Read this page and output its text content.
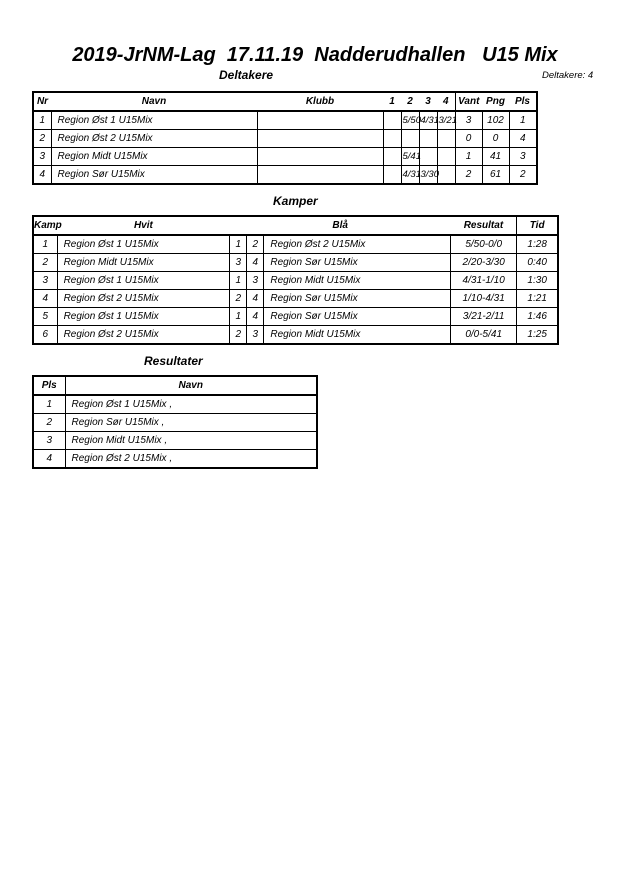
2019-JrNM-Lag  17.11.19  Nadderudhallen   U15 Mix
Deltakere	Deltakere: 4
Nr	Navn	Klubb	1	2	3	4	Vant	Png	Pls
1	Region Øst 1 U15Mix			5/50	4/31	3/21	3	102	1
2	Region Øst 2 U15Mix						0	0	4
3	Region Midt U15Mix			5/41			1	41	3
4	Region Sør U15Mix			4/31	3/30		2	61	2
Kamper
Kamp	Hvit	Blå			Resultat	Tid
1	Region Øst 1 U15Mix	1	2	Region Øst 2 U15Mix	5/50-0/0	1:28
2	Region Midt U15Mix	3	4	Region Sør U15Mix	2/20-3/30	0:40
3	Region Øst 1 U15Mix	1	3	Region Midt U15Mix	4/31-1/10	1:30
4	Region Øst 2 U15Mix	2	4	Region Sør U15Mix	1/10-4/31	1:21
5	Region Øst 1 U15Mix	1	4	Region Sør U15Mix	3/21-2/11	1:46
6	Region Øst 2 U15Mix	2	3	Region Midt U15Mix	0/0-5/41	1:25
Resultater
Pls	Navn
1	Region Øst 1 U15Mix ,
2	Region Sør U15Mix ,
3	Region Midt U15Mix ,
4	Region Øst 2 U15Mix ,
